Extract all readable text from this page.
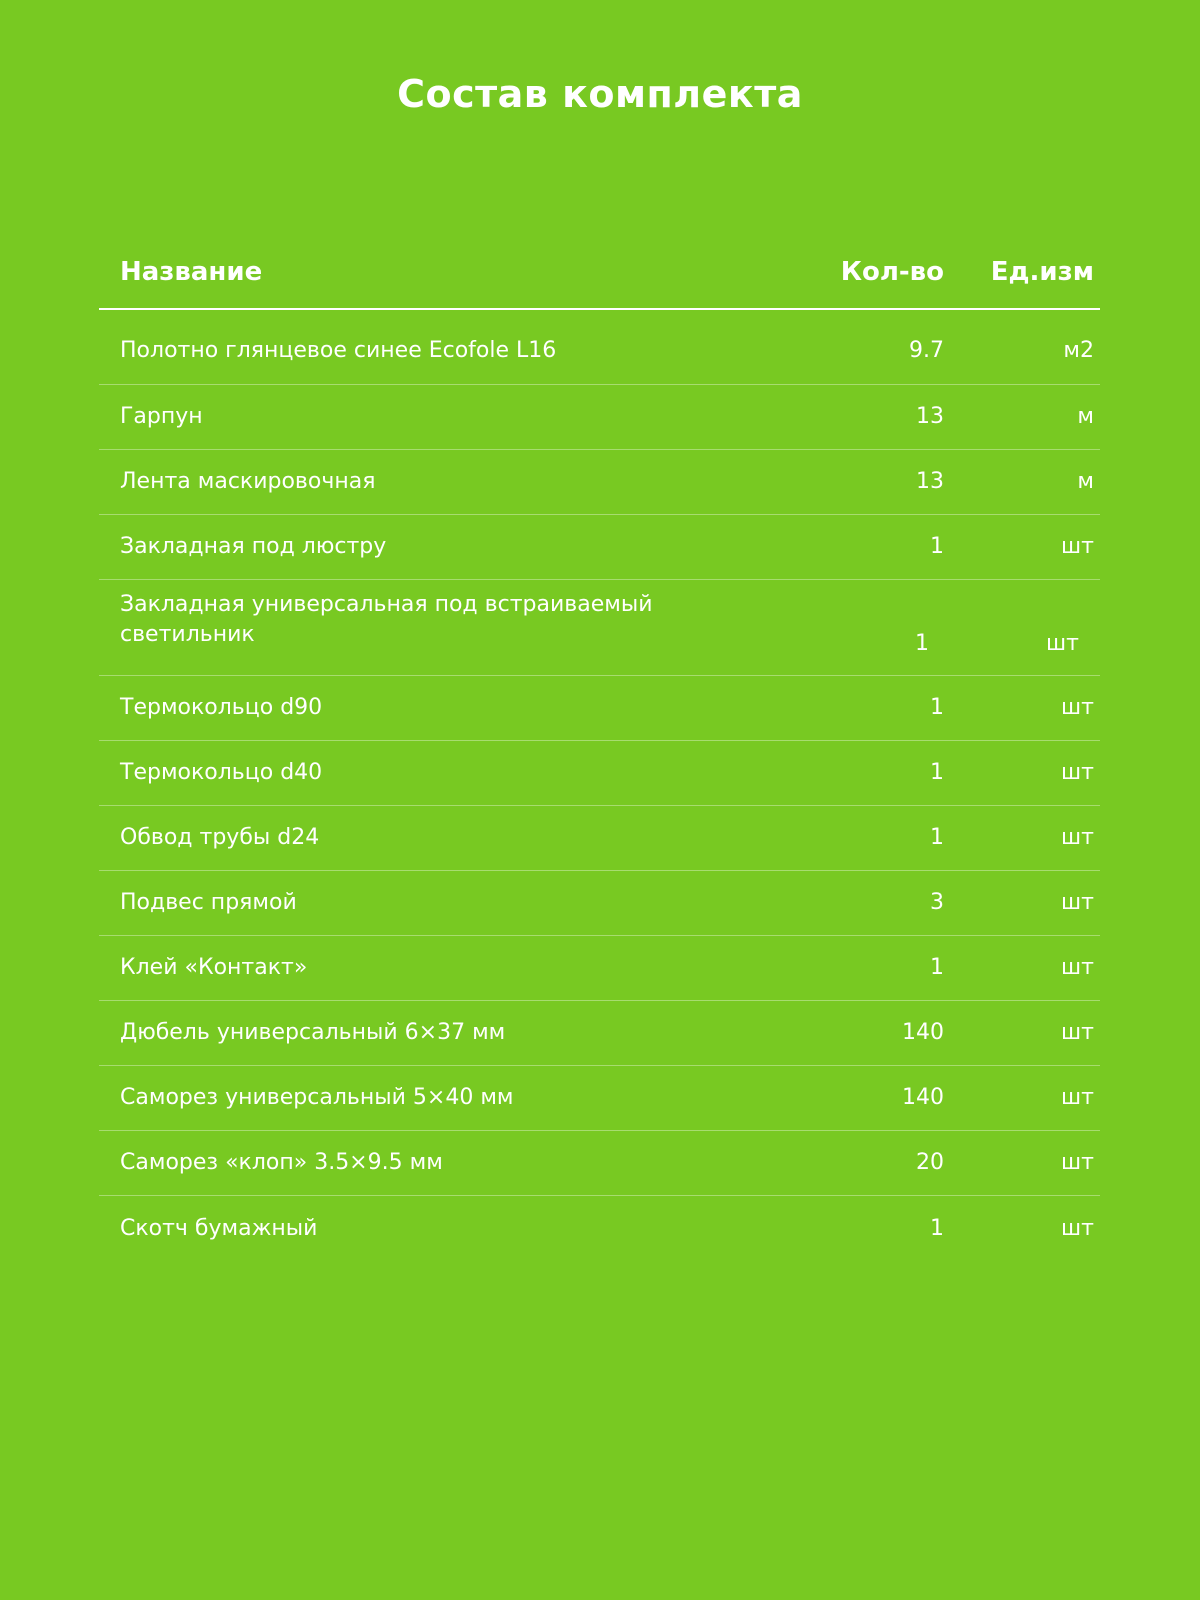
Состав комплекта
Название	Кол-во	Ед.изм
Полотно глянцевое синее Ecofole L16	9.7	м2
Гарпун	13	м
Лента маскировочная	13	м
Закладная под люстру	1	шт
Закладная универсальная под встраиваемый светильник	1	шт
Термокольцо d90	1	шт
Термокольцо d40	1	шт
Обвод трубы d24	1	шт
Подвес прямой	3	шт
Клей «Контакт»	1	шт
Дюбель универсальный 6×37 мм	140	шт
Саморез универсальный 5×40 мм	140	шт
Саморез «клоп» 3.5×9.5 мм	20	шт
Скотч бумажный	1	шт
